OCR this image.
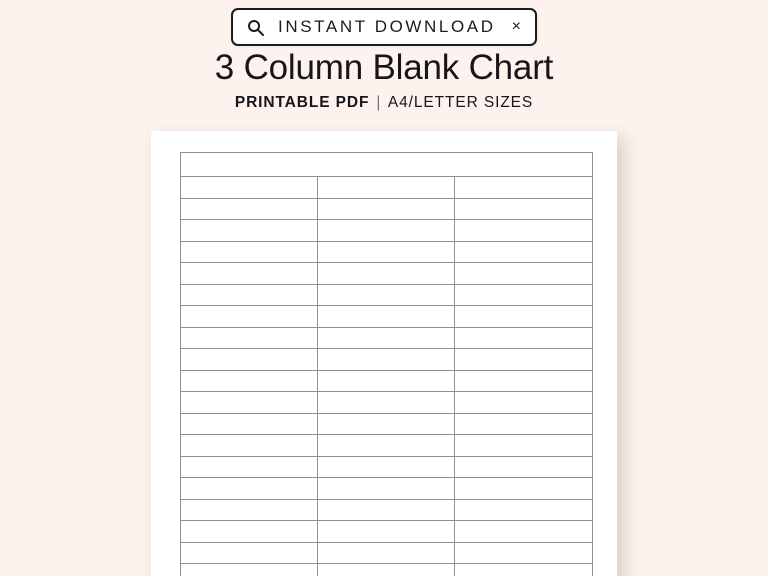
INSTANT DOWNLOAD ×
3 Column Blank Chart
PRINTABLE PDF | A4/LETTER SIZES
